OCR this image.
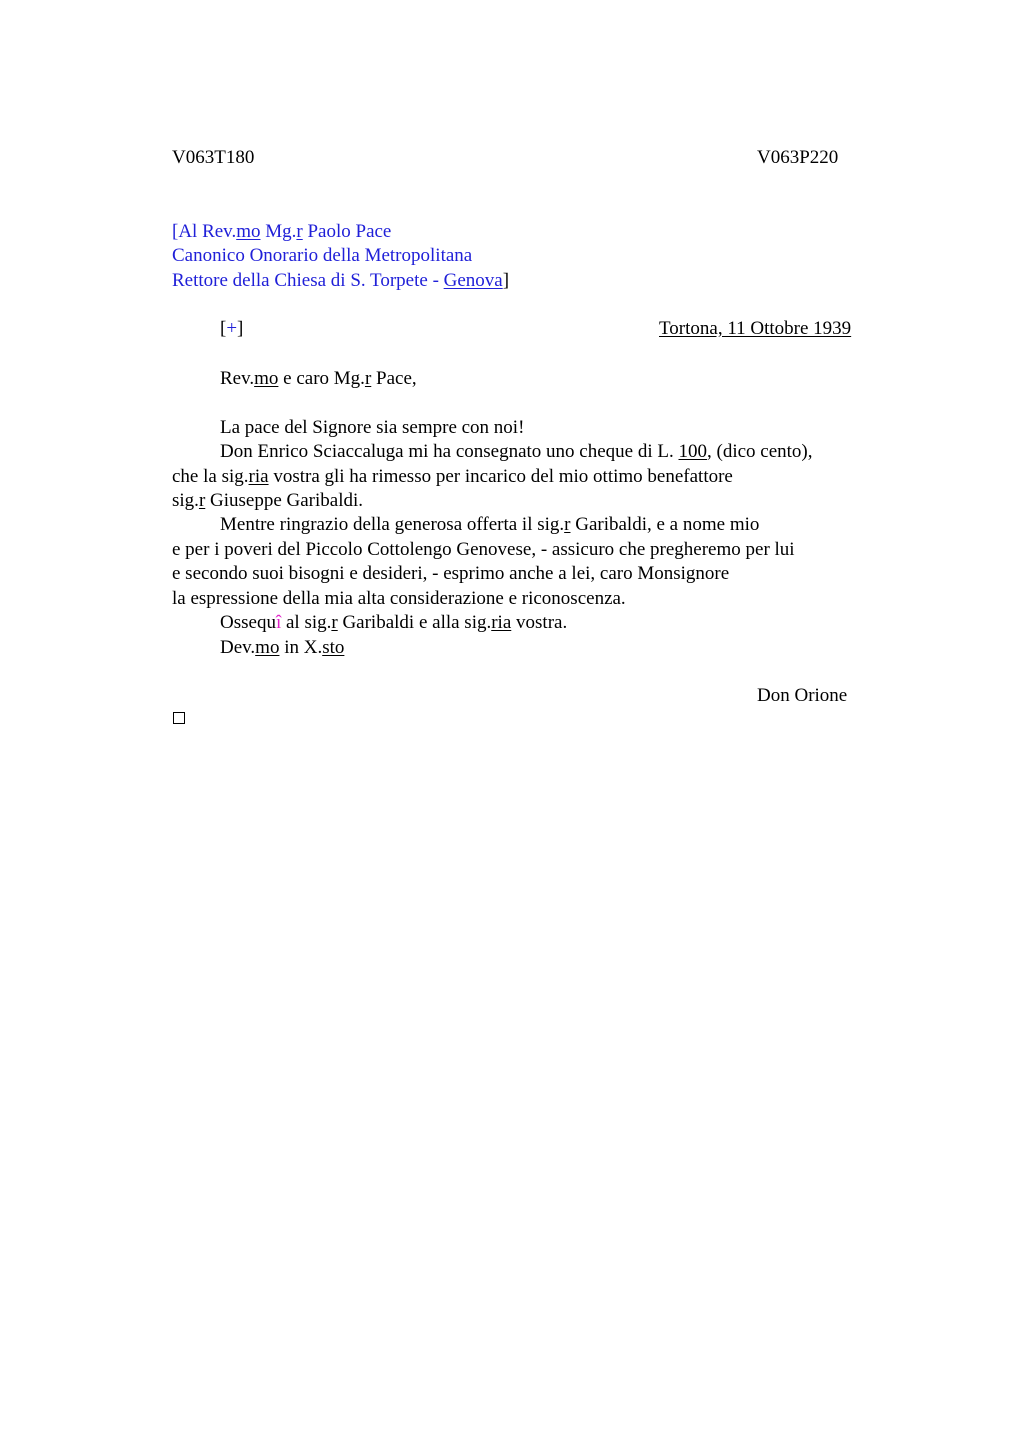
V063T180	V063P220
[Al Rev.mo Mg.r Paolo Pace
Canonico Onorario della Metropolitana
Rettore della Chiesa di S. Torpete - Genova]
[+]	Tortona, 11 Ottobre 1939
Rev.mo e caro Mg.r Pace,
La pace del Signore sia sempre con noi!
Don Enrico Sciaccaluga mi ha consegnato uno cheque di L. 100, (dico cento),
che la sig.ria vostra gli ha rimesso per incarico del mio ottimo benefattore
sig.r Giuseppe Garibaldi.
Mentre ringrazio della generosa offerta il sig.r Garibaldi, e a nome mio
e per i poveri del Piccolo Cottolengo Genovese, - assicuro che pregheremo per lui
e secondo suoi bisogni e desideri, - esprimo anche a lei, caro Monsignore
la espressione della mia alta considerazione e riconoscenza.
Ossequî al sig.r Garibaldi e alla sig.ria vostra.
Dev.mo in X.sto
Don Orione
